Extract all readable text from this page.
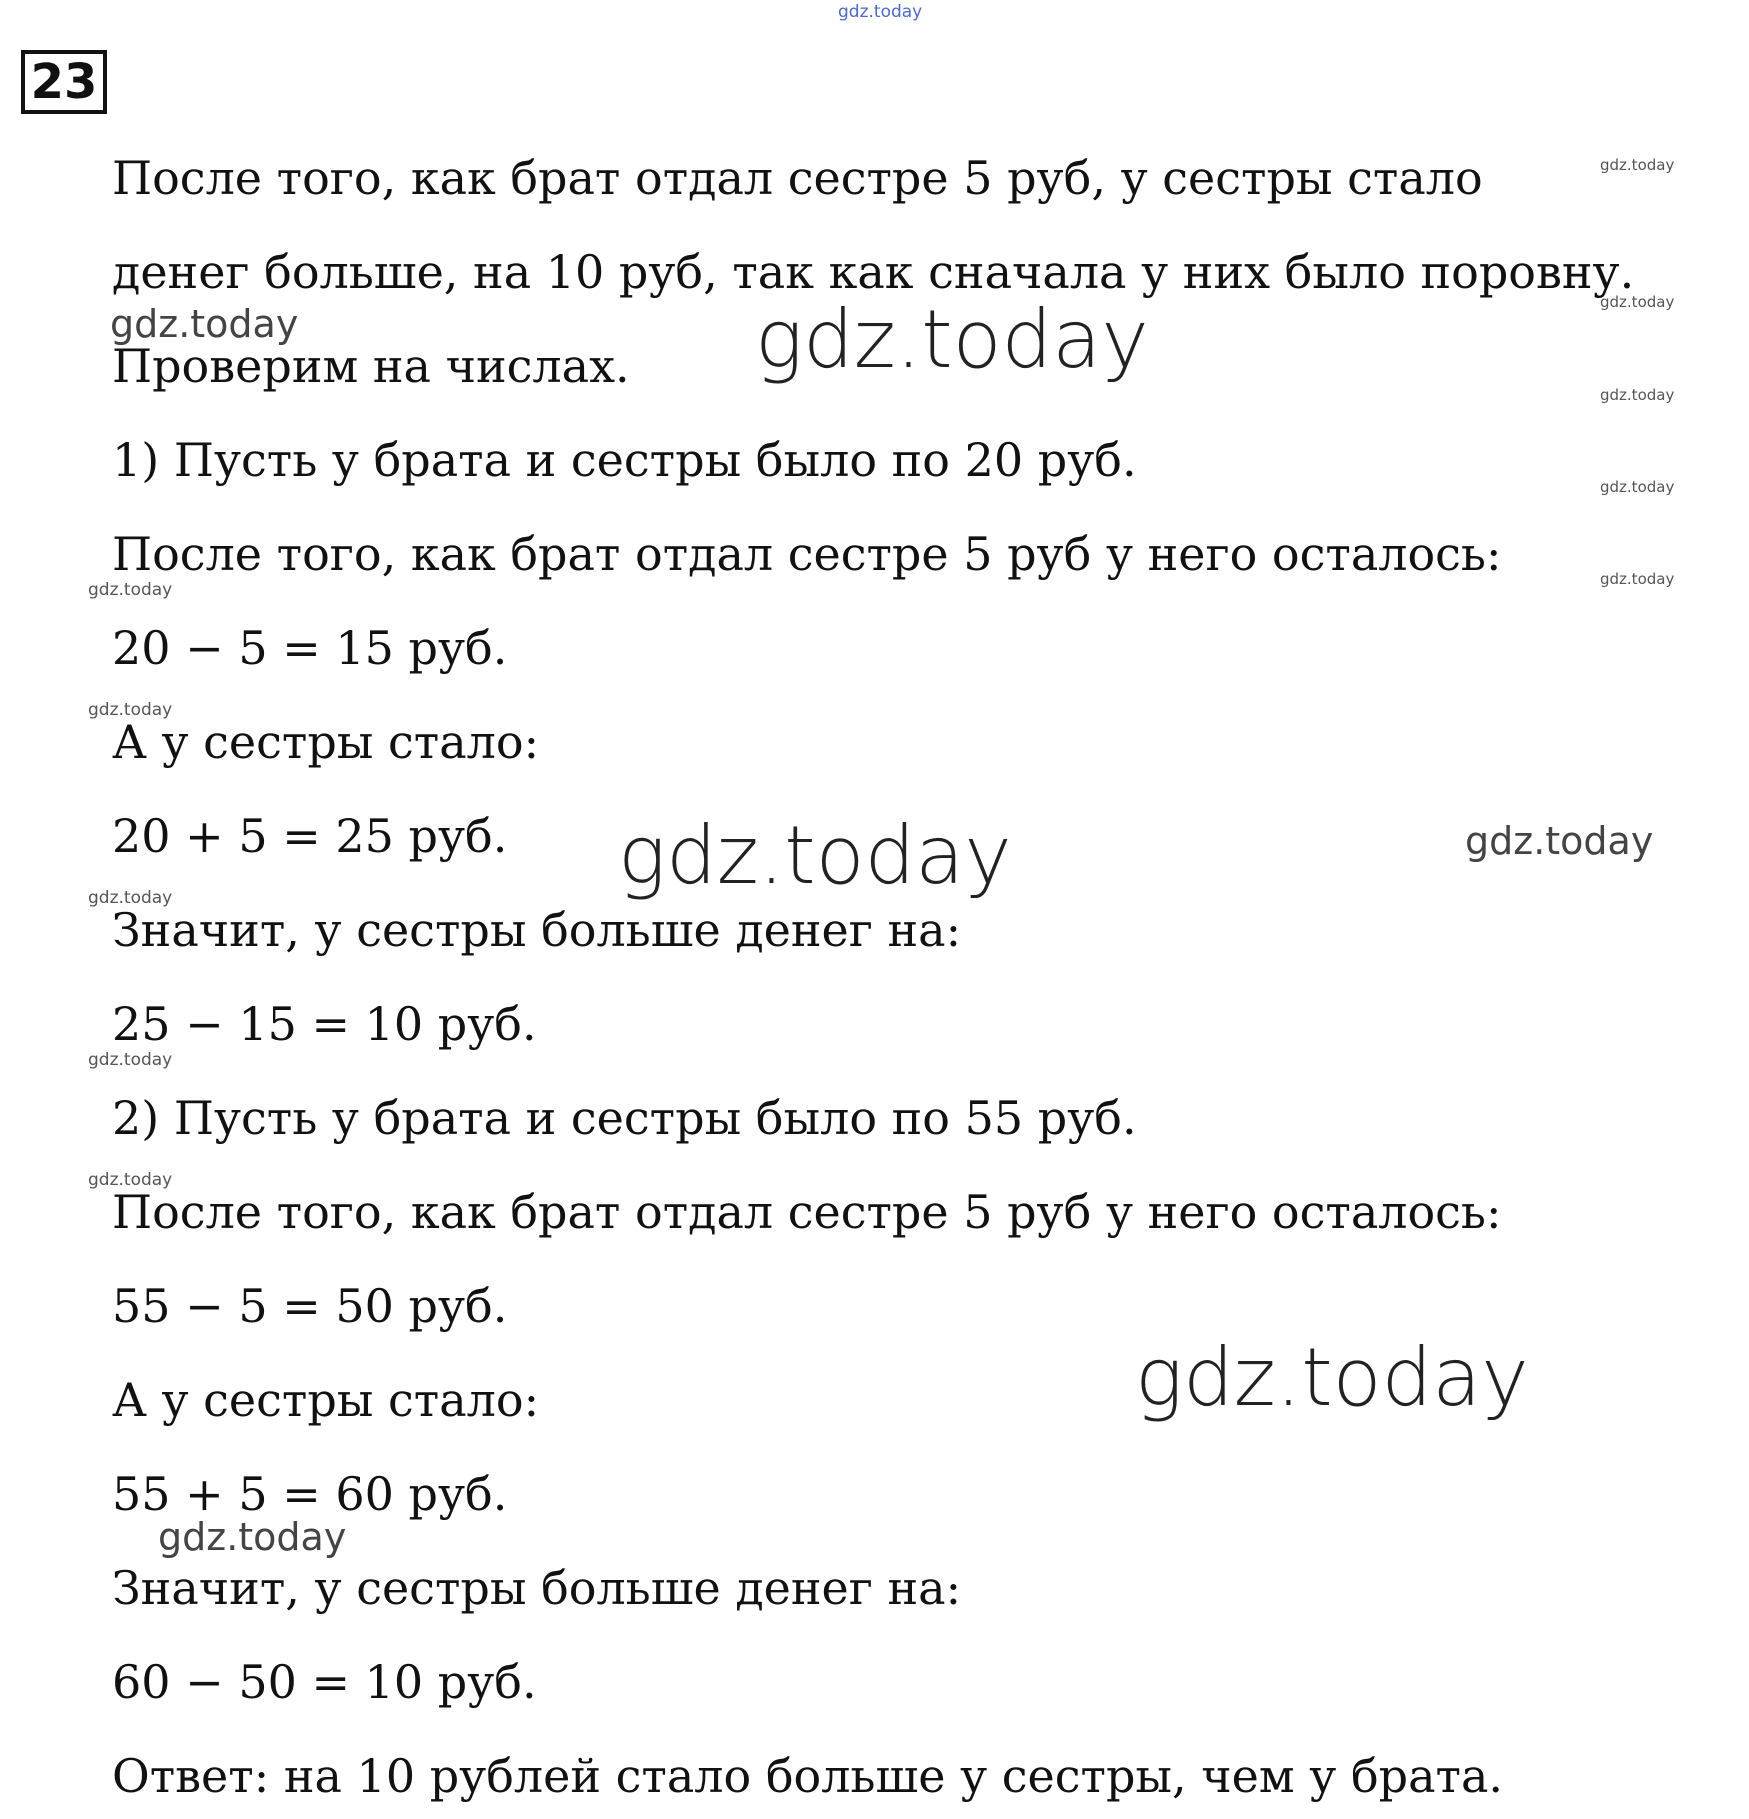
23
После того, как брат отдал сестре 5 руб, у сестры стало
денег больше, на 10 руб, так как сначала у них было поровну.
Проверим на числах.
1) Пусть у брата и сестры было по 20 руб.
После того, как брат отдал сестре 5 руб у него осталось:
20 − 5 = 15 руб.
А у сестры стало:
20 + 5 = 25 руб.
Значит, у сестры больше денег на:
25 − 15 = 10 руб.
2) Пусть у брата и сестры было по 55 руб.
После того, как брат отдал сестре 5 руб у него осталось:
55 − 5 = 50 руб.
А у сестры стало:
55 + 5 = 60 руб.
Значит, у сестры больше денег на:
60 − 50 = 10 руб.
Ответ: на 10 рублей стало больше у сестры, чем у брата.
gdz.today
gdz.today
gdz.today
gdz.today
gdz.today
gdz.today
gdz.today	gdz.today
gdz.today
gdz.today
gdz.today
gdz.today
gdz.today
gdz.today	gdz.today
gdz.today
gdz.today
